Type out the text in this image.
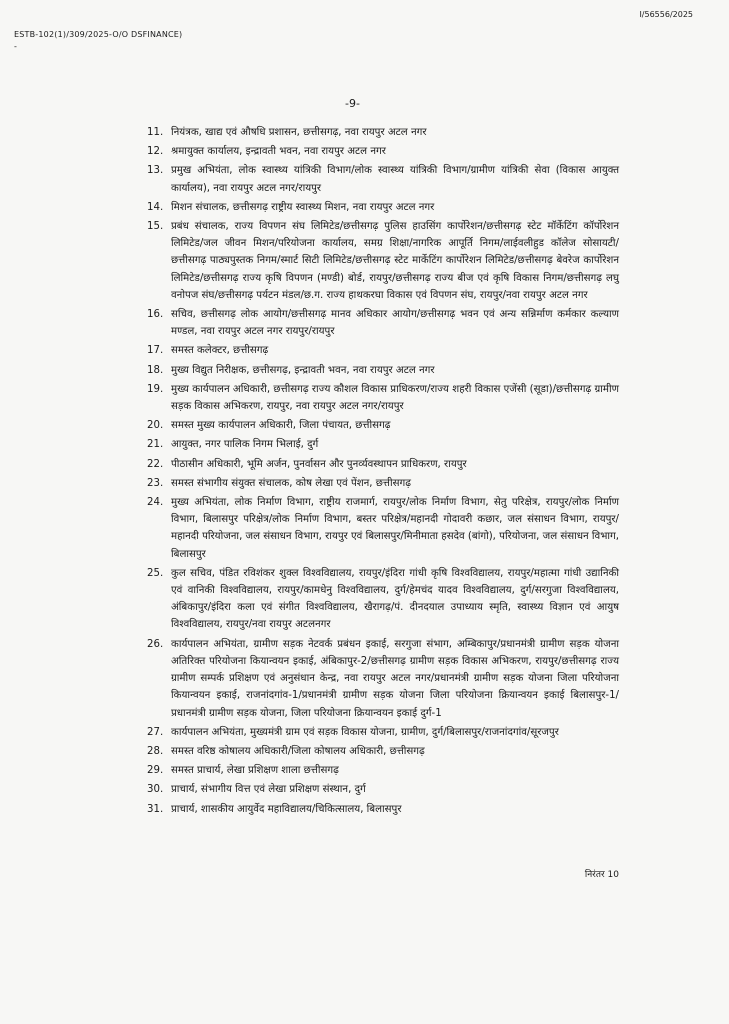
ESTB-102(1)/309/2025-O/O DSFINANCE)
-
I/56556/2025
-9-
11. नियंत्रक, खाद्य एवं औषधि प्रशासन, छत्तीसगढ़, नवा रायपुर अटल नगर
12. श्रमायुक्त कार्यालय, इन्द्रावती भवन, नवा रायपुर अटल नगर
13. प्रमुख अभियंता, लोक स्वास्थ्य यांत्रिकी विभाग/लोक स्वास्थ्य यांत्रिकी विभाग/ग्रामीण यांत्रिकी सेवा (विकास आयुक्त कार्यालय), नवा रायपुर अटल नगर/रायपुर
14. मिशन संचालक, छत्तीसगढ़ राष्ट्रीय स्वास्थ्य मिशन, नवा रायपुर अटल नगर
15. प्रबंध संचालक, राज्य विपणन संघ लिमिटेड/छत्तीसगढ़ पुलिस हाउसिंग कार्पोरेशन/छत्तीसगढ़ स्टेट मॉर्केटिंग कॉर्पोरेशन लिमिटेड/जल जीवन मिशन/परियोजना कार्यालय, समग्र शिक्षा/नागरिक आपूर्ति निगम/लाईवलीहुड कॉलेज सोसायटी/छत्तीसगढ़ पाठ्यपुस्तक निगम/स्मार्ट सिटी लिमिटेड/छत्तीसगढ़ स्टेट मार्केटिंग कार्पोरेशन लिमिटेड/छत्तीसगढ़ बेवरेज कार्पोरेशन लिमिटेड/छत्तीसगढ़ राज्य कृषि विपणन (मण्डी) बोर्ड, रायपुर/छत्तीसगढ़ राज्य बीज एवं कृषि विकास निगम/छत्तीसगढ़ लघु वनोपज संघ/छत्तीसगढ़ पर्यटन मंडल/छ.ग. राज्य हाथकरघा विकास एवं विपणन संघ, रायपुर/नवा रायपुर अटल नगर
16. सचिव, छत्तीसगढ़ लोक आयोग/छत्तीसगढ़ मानव अधिकार आयोग/छत्तीसगढ़ भवन एवं अन्य सन्निर्माण कर्मकार कल्याण मण्डल, नवा रायपुर अटल नगर रायपुर/रायपुर
17. समस्त कलेक्टर, छत्तीसगढ़
18. मुख्य विद्युत निरीक्षक, छत्तीसगढ़, इन्द्रावती भवन, नवा रायपुर अटल नगर
19. मुख्य कार्यपालन अधिकारी, छत्तीसगढ़ राज्य कौशल विकास प्राधिकरण/राज्य शहरी विकास एजेंसी (सूडा)/छत्तीसगढ़ ग्रामीण सड़क विकास अभिकरण, रायपुर, नवा रायपुर अटल नगर/रायपुर
20. समस्त मुख्य कार्यपालन अधिकारी, जिला पंचायत, छत्तीसगढ़
21. आयुक्त, नगर पालिक निगम भिलाई, दुर्ग
22. पीठासीन अधिकारी, भूमि अर्जन, पुनर्वासन और पुनर्व्यवस्थापन प्राधिकरण, रायपुर
23. समस्त संभागीय संयुक्त संचालक, कोष लेखा एवं पेंशन, छत्तीसगढ़
24. मुख्य अभियंता, लोक निर्माण विभाग, राष्ट्रीय राजमार्ग, रायपुर/लोक निर्माण विभाग, सेतु परिक्षेत्र, रायपुर/लोक निर्माण विभाग, बिलासपुर परिक्षेत्र/लोक निर्माण विभाग, बस्तर परिक्षेत्र/महानदी गोदावरी कछार, जल संसाधन विभाग, रायपुर/महानदी परियोजना, जल संसाधन विभाग, रायपुर एवं बिलासपुर/मिनीमाता हसदेव (बांगो), परियोजना, जल संसाधन विभाग, बिलासपुर
25. कुल सचिव, पंडित रविशंकर शुक्ल विश्वविद्यालय, रायपुर/इंदिरा गांधी कृषि विश्वविद्यालय, रायपुर/महात्मा गांधी उद्यानिकी एवं वानिकी विश्वविद्यालय, रायपुर/कामधेनु विश्वविद्यालय, दुर्ग/हेमचंद यादव विश्वविद्यालय, दुर्ग/सरगुजा विश्वविद्यालय, अंबिकापुर/इंदिरा कला एवं संगीत विश्वविद्यालय, खैरागढ़/पं. दीनदयाल उपाध्याय स्मृति, स्वास्थ्य विज्ञान एवं आयुष विश्वविद्यालय, रायपुर/नवा रायपुर अटलनगर
26. कार्यपालन अभियंता, ग्रामीण सड़क नेटवर्क प्रबंधन इकाई, सरगुजा संभाग, अम्बिकापुर/प्रधानमंत्री ग्रामीण सड़क योजना अतिरिक्त परियोजना कियान्वयन इकाई, अंबिकापुर-2/छत्तीसगढ़ ग्रामीण सड़क विकास अभिकरण, रायपुर/छत्तीसगढ़ राज्य ग्रामीण सम्पर्क प्रशिक्षण एवं अनुसंधान केन्द्र, नवा रायपुर अटल नगर/प्रधानमंत्री ग्रामीण सड़क योजना जिला परियोजना कियान्वयन इकाई, राजनांदगांव-1/प्रधानमंत्री ग्रामीण सड़क योजना जिला परियोजना क्रियान्वयन इकाई बिलासपुर-1/प्रधानमंत्री ग्रामीण सड़क योजना, जिला परियोजना क्रियान्वयन इकाई दुर्ग-1
27. कार्यपालन अभियंता, मुख्यमंत्री ग्राम एवं सड़क विकास योजना, ग्रामीण, दुर्ग/बिलासपुर/राजनांदगांव/सूरजपुर
28. समस्त वरिष्ठ कोषालय अधिकारी/जिला कोषालय अधिकारी, छत्तीसगढ़
29. समस्त प्राचार्य, लेखा प्रशिक्षण शाला छत्तीसगढ़
30. प्राचार्य, संभागीय वित्त एवं लेखा प्रशिक्षण संस्थान, दुर्ग
31. प्राचार्य, शासकीय आयुर्वेद महाविद्यालय/चिकित्सालय, बिलासपुर
निरंतर 10
